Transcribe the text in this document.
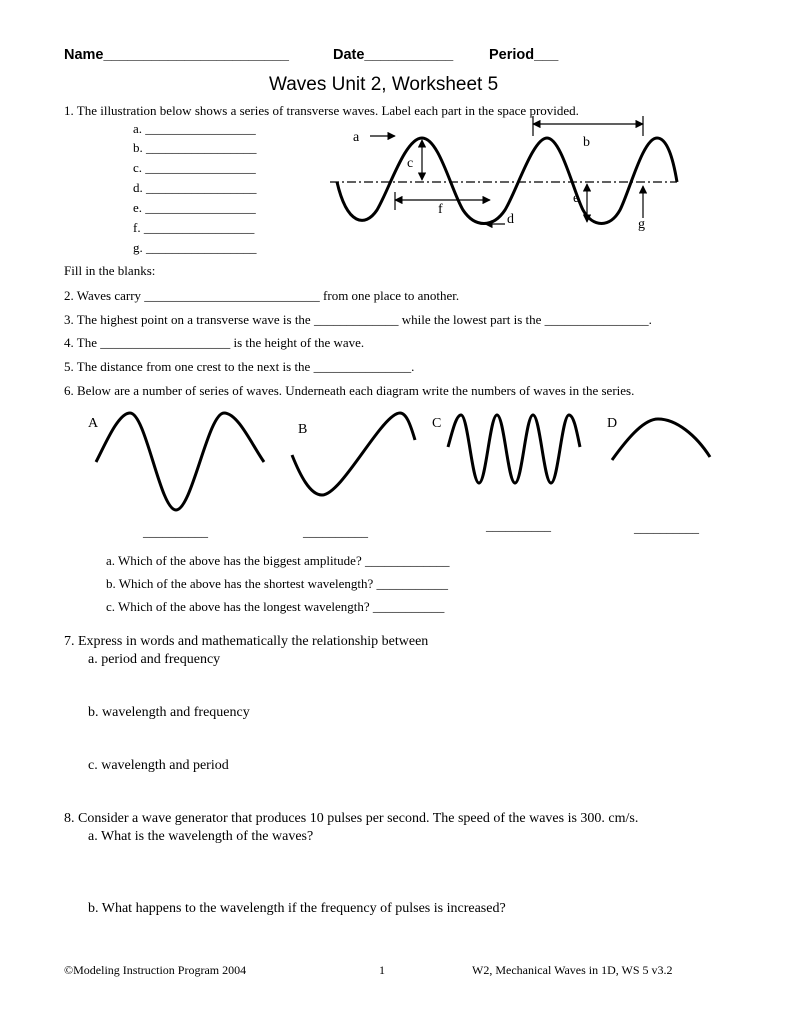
Name_______________________	Date___________ Period___
Waves Unit 2, Worksheet 5
1. The illustration below shows a series of transverse waves. Label each part in the space provided.
a. _________________
b. _________________
c. _________________
d. _________________
e. _________________
f. _________________
g. _________________
a	b
c
f
d
e
g
Fill in the blanks:
2. Waves carry ___________________________ from one place to another.
3. The highest point on a transverse wave is the _____________ while the lowest part is the ________________.
4. The ____________________ is the height of the wave.
5. The distance from one crest to the next is the _______________.
6. Below are a number of series of waves. Underneath each diagram write the numbers of waves in the series.
A	B	C	D
__________	__________	__________	__________
a. Which of the above has the biggest amplitude? _____________
b. Which of the above has the shortest wavelength? ___________
c. Which of the above has the longest wavelength? ___________
7. Express in words and mathematically the relationship between
a. period and frequency
b. wavelength and frequency
c. wavelength and period
8. Consider a wave generator that produces 10 pulses per second. The speed of the waves is 300. cm/s.
a. What is the wavelength of the waves?
b. What happens to the wavelength if the frequency of pulses is increased?
©Modeling Instruction Program 2004	1	W2, Mechanical Waves in 1D, WS 5 v3.2
